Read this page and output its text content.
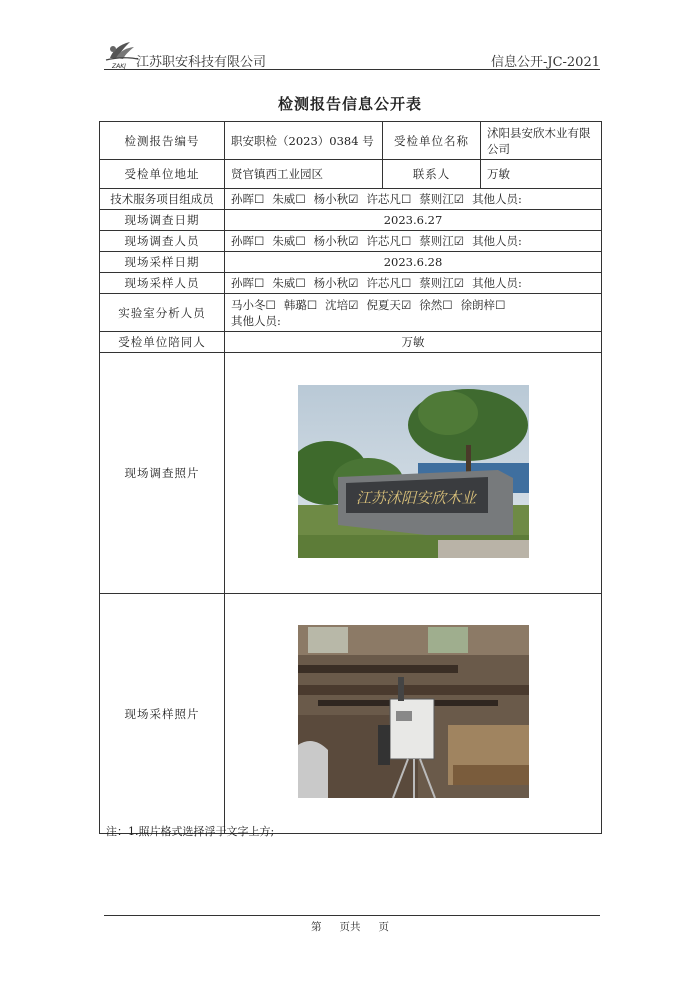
ZAKJ 江苏职安科技有限公司	信息公开-JC-2021
检测报告信息公开表
检测报告编号	职安职检（2023）0384 号	受检单位名称	沭阳县安欣木业有限公司
受检单位地址	贤官镇西工业园区	联系人	万敏
技术服务项目组成员	孙晖☐ 朱威☐ 杨小秋☑ 许芯凡☐ 蔡则江☑ 其他人员:		
现场调查日期	2023.6.27		
现场调查人员	孙晖☐ 朱威☐ 杨小秋☑ 许芯凡☐ 蔡则江☑ 其他人员:		
现场采样日期	2023.6.28		
现场采样人员	孙晖☐ 朱威☐ 杨小秋☑ 许芯凡☐ 蔡则江☑ 其他人员:		
实验室分析人员	马小冬☐ 韩璐☐ 沈培☑ 倪夏天☑ 徐然☐ 徐朗梓☐
其他人员:		
受检单位陪同人	万敏		
现场调查照片	江苏沭阳安欣木业		

现场采样照片	
注：1.照片格式选择浮于文字上方;
第 页共 页
